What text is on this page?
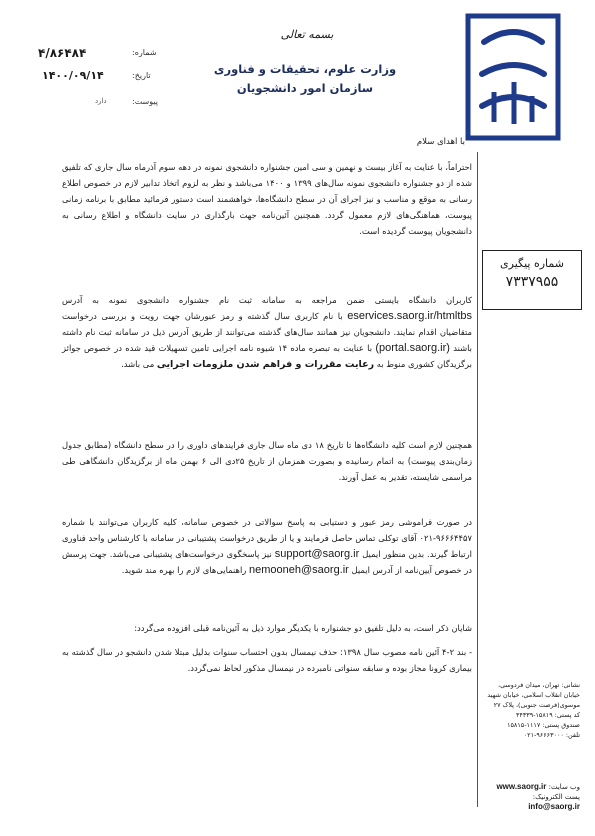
۴/۸۶۴۸۴	شماره:
۱۴۰۰/۰۹/۱۴	تاریخ:
دارد	پیوست:
بسمه تعالی
وزارت علوم، تحقیقات و فناوری
سازمان امور دانشجویان
شماره پیگیری
۷۳۳۷۹۵۵
با اهدای سلام
احتراماً، با عنایت به آغاز بیست و نهمین و سی امین جشنواره دانشجوی نمونه در دهه سوم آذرماه سال جاری که تلفیق شده از دو جشنواره دانشجوی نمونه سال‌های ۱۳۹۹ و ۱۴۰۰ می‌باشد و نظر به لزوم اتخاذ تدابیر لازم در خصوص اطلاع رسانی به موقع و مناسب و نیز اجرای آن در سطح دانشگاه‌ها، خواهشمند است دستور فرمائید مطابق با برنامه زمانی پیوست، هماهنگی‌های لازم معمول گردد. همچنین آئین‌نامه جهت بارگذاری در سایت دانشگاه و اطلاع رسانی به دانشجویان پیوست گردیده است.
کاربران دانشگاه بایستی ضمن مراجعه به سامانه ثبت نام جشنواره دانشجوی نمونه به آدرس eservices.saorg.ir/htmltbs با نام کاربری سال گذشته و رمز عبورشان جهت رویت و بررسی درخواست متقاضیان اقدام نمایند. دانشجویان نیز همانند سال‌های گذشته می‌توانند از طریق آدرس ذیل در سامانه ثبت نام داشته باشند (portal.saorg.ir) با عنایت به تبصره ماده ۱۴ شیوه نامه اجرایی تامین تسهیلات قید شده در خصوص جوائز برگزیدگان کشوری منوط به رعایت مقررات و فراهم شدن ملزومات اجرایی می باشد.
همچنین لازم است کلیه دانشگاه‌ها تا تاریخ ۱۸ دی ماه سال جاری فرایندهای داوری را در سطح دانشگاه (مطابق جدول زمان‌بندی پیوست) به اتمام رسانیده و بصورت همزمان از تاریخ ۲۵دی الی ۶ بهمن ماه از برگزیدگان دانشگاهی طی مراسمی شایسته، تقدیر به عمل آورند.
در صورت فراموشی رمز عبور و دستیابی به پاسخ سوالاتی در خصوص سامانه، کلیه کاربران می‌توانند با شماره ۹۶۶۶۴۴۵۷-۰۲۱ آقای توکلی تماس حاصل فرمایند و یا از طریق درخواست پشتیبانی در سامانه با کارشناس واحد فناوری ارتباط گیرند. بدین منظور ایمیل support@saorg.ir نیز پاسخگوی درخواست‌های پشتیبانی می‌باشد. جهت پرسش در خصوص آیین‌نامه از آدرس ایمیل nemooneh@saorg.ir راهنمایی‌های لازم را بهره مند شوید.
شایان ذکر است، به دلیل تلفیق دو جشنواره با یکدیگر موارد ذیل به آئین‌نامه قبلی افزوده می‌گردد:
- بند ۲-۴ آئین نامه مصوب سال ۱۳۹۸: حذف نیمسال بدون احتساب سنوات بدلیل مبتلا شدن دانشجو در سال گذشته به بیماری کرونا مجاز بوده و سابقه سنواتی نامبرده در نیمسال مذکور لحاظ نمی‌گردد.
نشانی: تهران، میدان فردوسی،
خیابان انقلاب اسلامی، خیابان شهید
موسوی(فرصت جنوبی)، پلاک ۲۷
کد پستی: ۱۵۸۱۹-۴۴۳۳۹
صندوق پستی: ۱۱۱۷-۱۵۸۱۵
تلفن: ۹۶۶۶۳۰۰۰-۰۲۱
وب سایت: www.saorg.ir
پست الکترونیک: info@saorg.ir
